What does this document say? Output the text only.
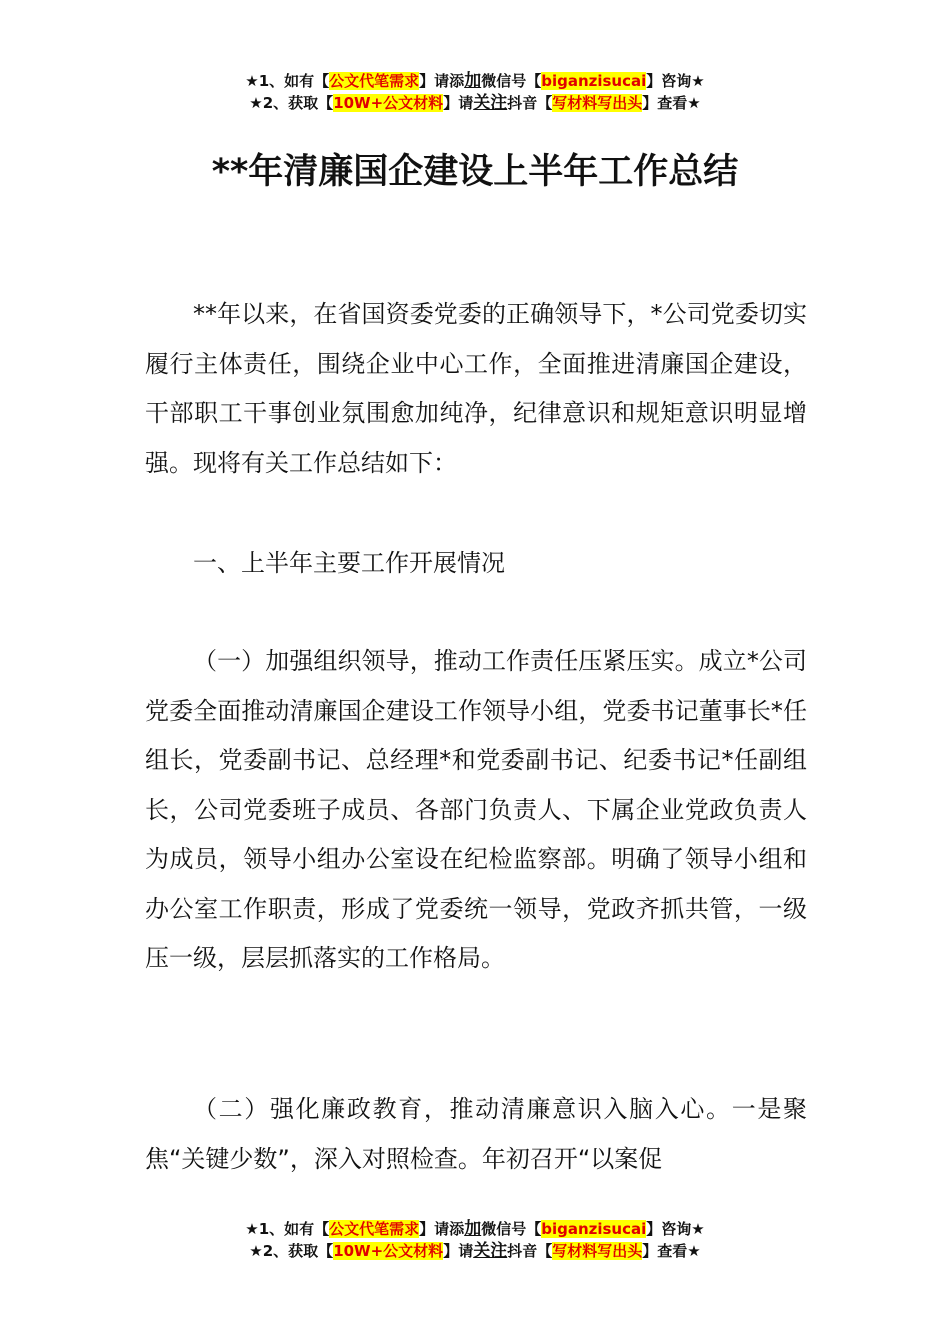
★1、如有【公文代笔需求】请添加微信号【biganzisucai】咨询★
★2、获取【10W+公文材料】请关注抖音【写材料写出头】查看★
**年清廉国企建设上半年工作总结

**年以来，在省国资委党委的正确领导下，*公司党委切实履行主体责任，围绕企业中心工作，全面推进清廉国企建设，干部职工干事创业氛围愈加纯净，纪律意识和规矩意识明显增强。现将有关工作总结如下：

一、上半年主要工作开展情况

（一）加强组织领导，推动工作责任压紧压实。成立*公司党委全面推动清廉国企建设工作领导小组，党委书记董事长*任组长，党委副书记、总经理*和党委副书记、纪委书记*任副组长，公司党委班子成员、各部门负责人、下属企业党政负责人为成员，领导小组办公室设在纪检监察部。明确了领导小组和办公室工作职责，形成了党委统一领导，党政齐抓共管，一级压一级，层层抓落实的工作格局。

（二）强化廉政教育，推动清廉意识入脑入心。一是聚焦“关键少数”，深入对照检查。年初召开“以案促

★1、如有【公文代笔需求】请添加微信号【biganzisucai】咨询★
★2、获取【10W+公文材料】请关注抖音【写材料写出头】查看★
